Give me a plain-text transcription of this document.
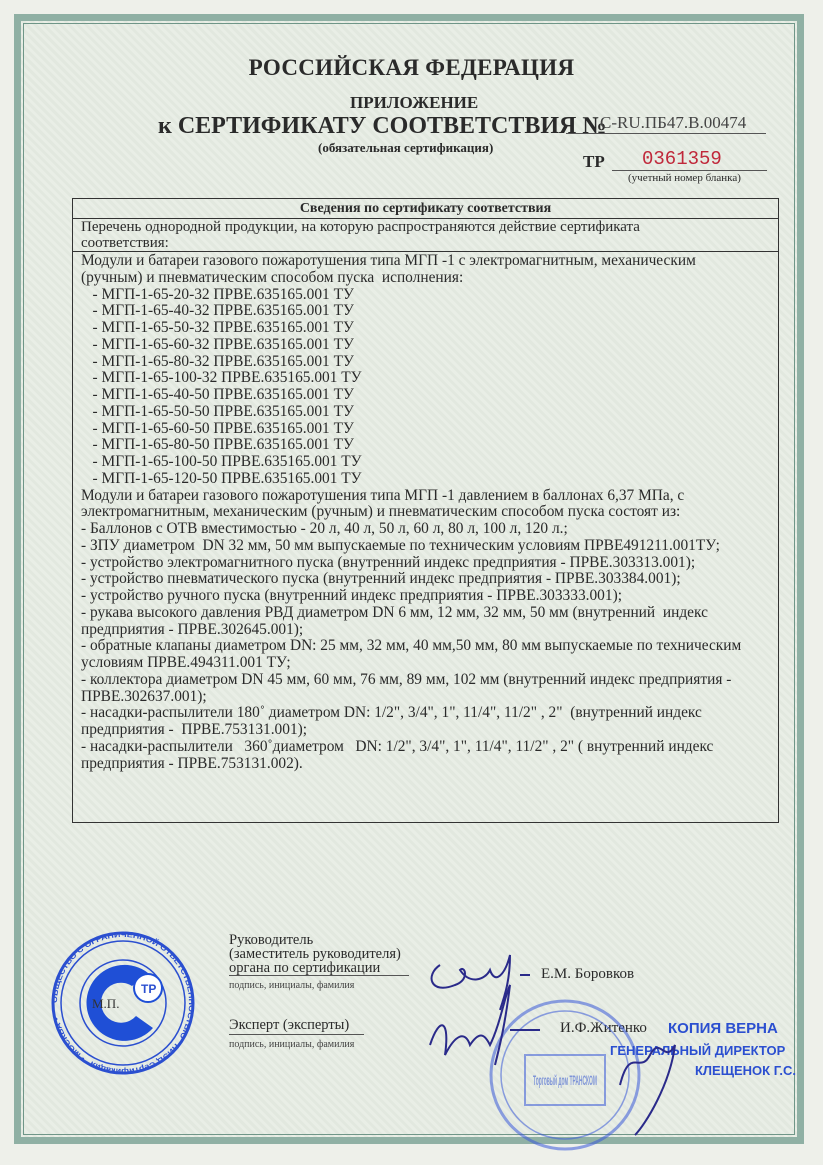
РОССИЙСКАЯ ФЕДЕРАЦИЯ
ПРИЛОЖЕНИЕ
к СЕРТИФИКАТУ СООТВЕТСТВИЯ №
C-RU.ПБ47.В.00474
(обязательная сертификация)
ТР	0361359
(учетный номер бланка)
Сведения по сертификату соответствия
Перечень однородной продукции, на которую распространяются действие сертификата
соответствия:
Модули и батареи газового пожаротушения типа МГП -1 с электромагнитным, механическим
(ручным) и пневматическим способом пуска  исполнения:
- МГП-1-65-20-32 ПРВЕ.635165.001 ТУ
- МГП-1-65-40-32 ПРВЕ.635165.001 ТУ
- МГП-1-65-50-32 ПРВЕ.635165.001 ТУ
- МГП-1-65-60-32 ПРВЕ.635165.001 ТУ
- МГП-1-65-80-32 ПРВЕ.635165.001 ТУ
- МГП-1-65-100-32 ПРВЕ.635165.001 ТУ
- МГП-1-65-40-50 ПРВЕ.635165.001 ТУ
- МГП-1-65-50-50 ПРВЕ.635165.001 ТУ
- МГП-1-65-60-50 ПРВЕ.635165.001 ТУ
- МГП-1-65-80-50 ПРВЕ.635165.001 ТУ
- МГП-1-65-100-50 ПРВЕ.635165.001 ТУ
- МГП-1-65-120-50 ПРВЕ.635165.001 ТУ
Модули и батареи газового пожаротушения типа МГП -1 давлением в баллонах 6,37 МПа, с
электромагнитным, механическим (ручным) и пневматическим способом пуска состоят из:
- Баллонов с ОТВ вместимостью - 20 л, 40 л, 50 л, 60 л, 80 л, 100 л, 120 л.;
- ЗПУ диаметром  DN 32 мм, 50 мм выпускаемые по техническим условиям ПРВЕ491211.001ТУ;
- устройство электромагнитного пуска (внутренний индекс предприятия - ПРВЕ.303313.001);
- устройство пневматического пуска (внутренний индекс предприятия - ПРВЕ.303384.001);
- устройство ручного пуска (внутренний индекс предприятия - ПРВЕ.303333.001);
- рукава высокого давления РВД диаметром DN 6 мм, 12 мм, 32 мм, 50 мм (внутренний  индекс
предприятия - ПРВЕ.302645.001);
- обратные клапаны диаметром DN: 25 мм, 32 мм, 40 мм,50 мм, 80 мм выпускаемые по техническим
условиям ПРВЕ.494311.001 ТУ;
- коллектора диаметром DN 45 мм, 60 мм, 76 мм, 89 мм, 102 мм (внутренний индекс предприятия -
ПРВЕ.302637.001);
- насадки-распылители 180˚ диаметром DN: 1/2", 3/4", 1", 11/4", 11/2" , 2"  (внутренний индекс
предприятия -  ПРВЕ.753131.001);
- насадки-распылители   360˚диаметром   DN: 1/2", 3/4", 1", 11/4", 11/2" , 2" ( внутренний индекс
предприятия - ПРВЕ.753131.002).
Руководитель
(заместитель руководителя)
органа по сертификации
подпись, инициалы, фамилия
Е.М. Боровков
Эксперт (эксперты)
подпись, инициалы, фамилия
И.Ф.Житенко
ТР
ОБЩЕСТВО С ОГРАНИЧЕННОЙ ОТВЕТСТВЕННОСТЬЮ "НИЭЦ Сертификация" • МОСКВА •
М.П.
Торговый дом ТРАНСКОМ
КОПИЯ ВЕРНА
ГЕНЕРАЛЬНЫЙ ДИРЕКТОР
КЛЕЩЕНОК Г.С.
